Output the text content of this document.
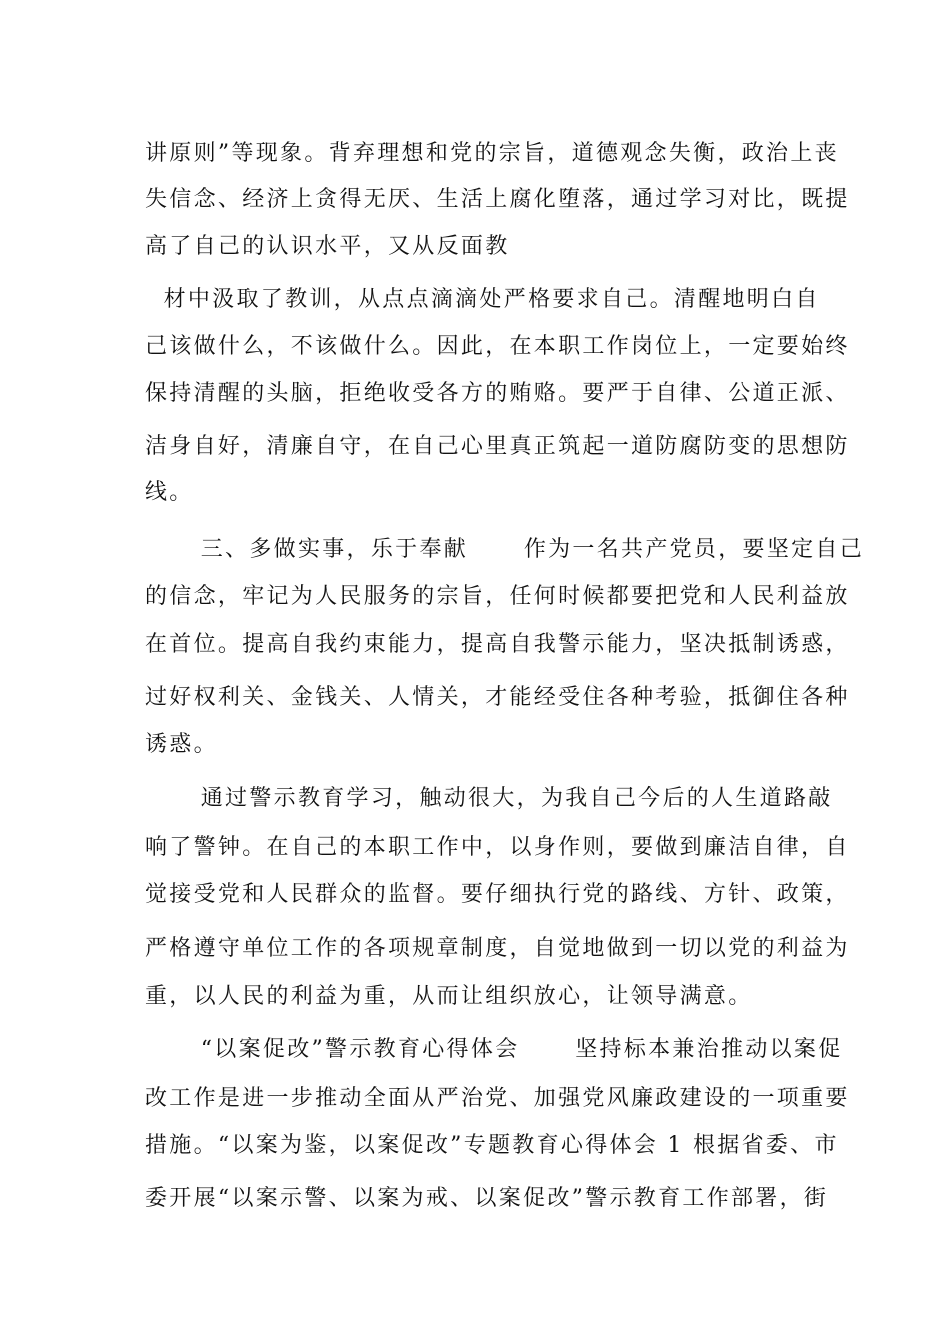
讲原则”等现象。背弃理想和党的宗旨，道德观念失衡，政治上丧
失信念、经济上贪得无厌、生活上腐化堕落，通过学习对比，既提
高了自己的认识水平，又从反面教
材中汲取了教训，从点点滴滴处严格要求自己。清醒地明白自
己该做什么，不该做什么。因此，在本职工作岗位上，一定要始终
保持清醒的头脑，拒绝收受各方的贿赂。要严于自律、公道正派、
洁身自好，清廉自守，在自己心里真正筑起一道防腐防变的思想防
线。
三、多做实事，乐于奉献      作为一名共产党员，要坚定自己
的信念，牢记为人民服务的宗旨，任何时候都要把党和人民利益放
在首位。提高自我约束能力，提高自我警示能力，坚决抵制诱惑，
过好权利关、金钱关、人情关，才能经受住各种考验，抵御住各种
诱惑。
通过警示教育学习，触动很大，为我自己今后的人生道路敲
响了警钟。在自己的本职工作中，以身作则，要做到廉洁自律，自
觉接受党和人民群众的监督。要仔细执行党的路线、方针、政策，
严格遵守单位工作的各项规章制度，自觉地做到一切以党的利益为
重，以人民的利益为重，从而让组织放心，让领导满意。
“以案促改”警示教育心得体会      坚持标本兼治推动以案促
改工作是进一步推动全面从严治党、加强党风廉政建设的一项重要
措施。“以案为鉴，以案促改”专题教育心得体会 1 根据省委、市
委开展“以案示警、以案为戒、以案促改”警示教育工作部署，街
